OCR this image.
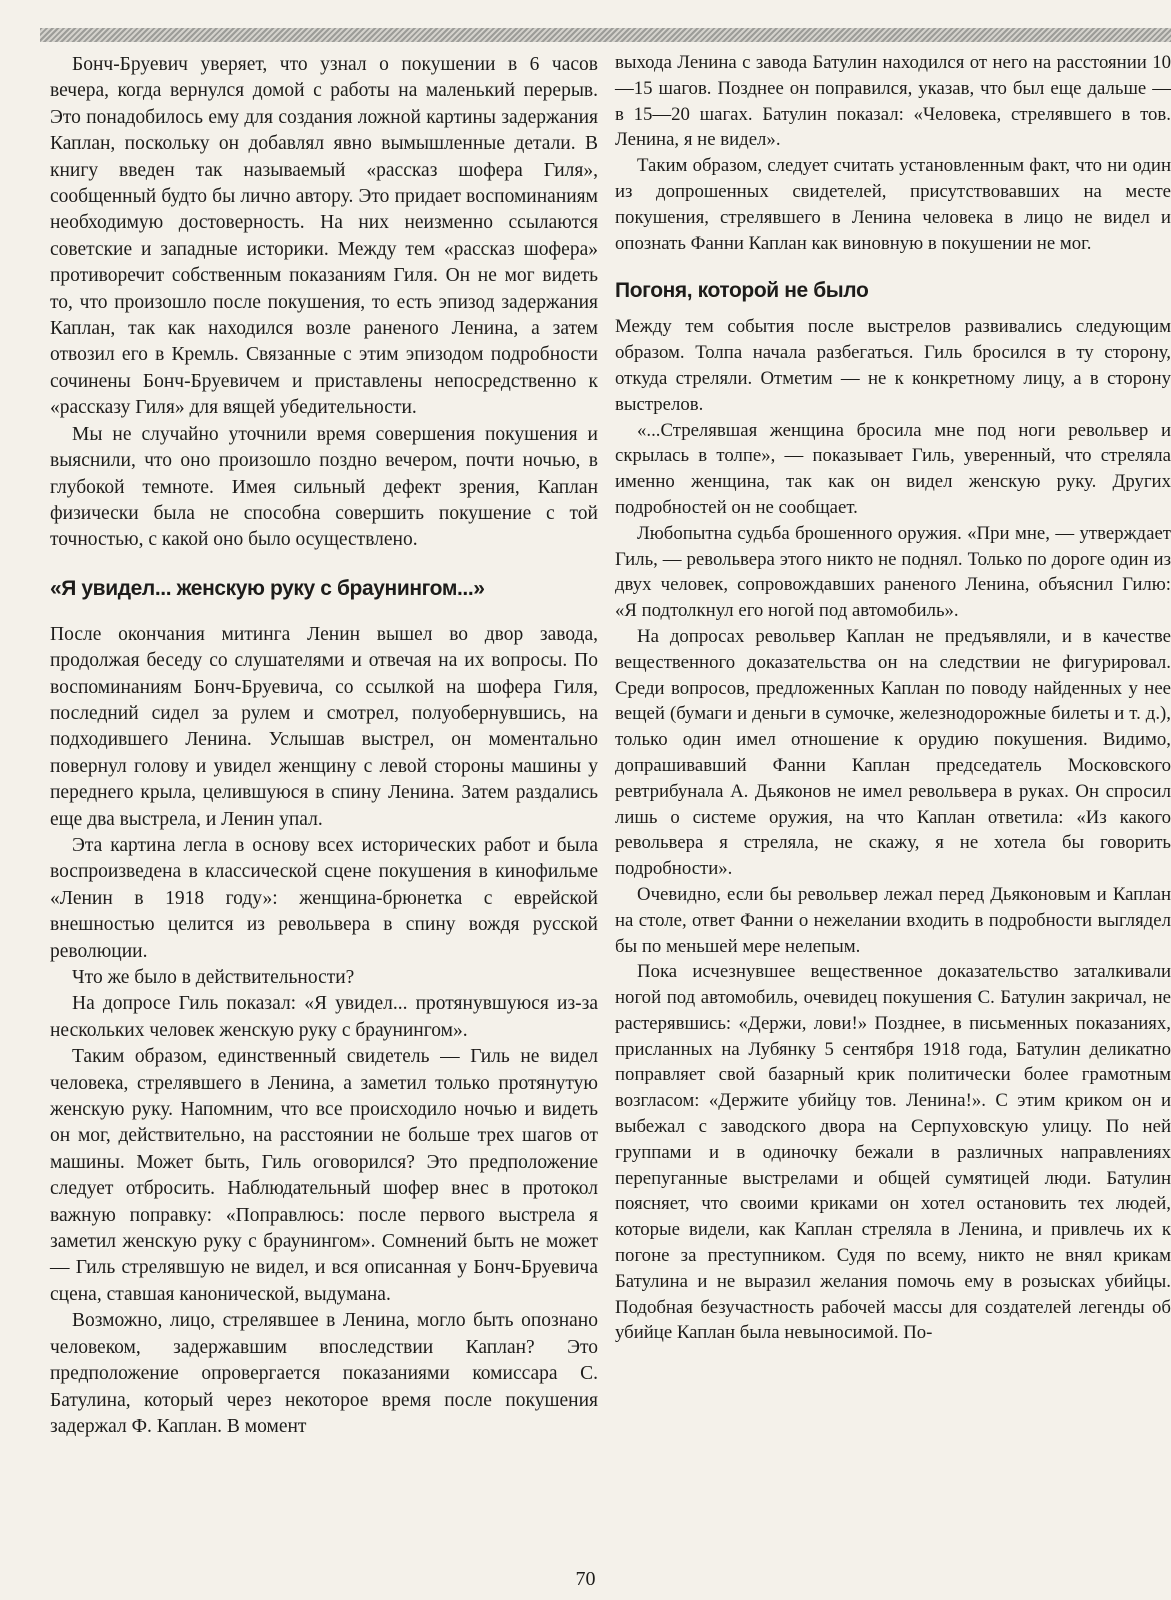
Бонч-Бруевич уверяет, что узнал о покушении в 6 часов вечера, когда вернулся домой с работы на маленький перерыв. Это понадобилось ему для создания ложной картины задержания Каплан, поскольку он добавлял явно вымышленные детали. В книгу введен так называемый «рассказ шофера Гиля», сообщенный будто бы лично автору. Это придает воспоминаниям необходимую достоверность. На них неизменно ссылаются советские и западные историки. Между тем «рассказ шофера» противоречит собственным показаниям Гиля. Он не мог видеть то, что произошло после покушения, то есть эпизод задержания Каплан, так как находился возле раненого Ленина, а затем отвозил его в Кремль. Связанные с этим эпизодом подробности сочинены Бонч-Бруевичем и приставлены непосредственно к «рассказу Гиля» для вящей убедительности.

Мы не случайно уточнили время совершения покушения и выяснили, что оно произошло поздно вечером, почти ночью, в глубокой темноте. Имея сильный дефект зрения, Каплан физически была не способна совершить покушение с той точностью, с какой оно было осуществлено.

«Я увидел... женскую руку с браунингом...»

После окончания митинга Ленин вышел во двор завода, продолжая беседу со слушателями и отвечая на их вопросы. По воспоминаниям Бонч-Бруевича, со ссылкой на шофера Гиля, последний сидел за рулем и смотрел, полуобернувшись, на подходившего Ленина. Услышав выстрел, он моментально повернул голову и увидел женщину с левой стороны машины у переднего крыла, целившуюся в спину Ленина. Затем раздались еще два выстрела, и Ленин упал.

Эта картина легла в основу всех исторических работ и была воспроизведена в классической сцене покушения в кинофильме «Ленин в 1918 году»: женщина-брюнетка с еврейской внешностью целится из револьвера в спину вождя русской революции.

Что же было в действительности?

На допросе Гиль показал: «Я увидел... протянувшуюся из-за нескольких человек женскую руку с браунингом».

Таким образом, единственный свидетель — Гиль не видел человека, стрелявшего в Ленина, а заметил только протянутую женскую руку. Напомним, что все происходило ночью и видеть он мог, действительно, на расстоянии не больше трех шагов от машины. Может быть, Гиль оговорился? Это предположение следует отбросить. Наблюдательный шофер внес в протокол важную поправку: «Поправлюсь: после первого выстрела я заметил женскую руку с браунингом». Сомнений быть не может — Гиль стрелявшую не видел, и вся описанная у Бонч-Бруевича сцена, ставшая канонической, выдумана.

Возможно, лицо, стрелявшее в Ленина, могло быть опознано человеком, задержавшим впоследствии Каплан? Это предположение опровергается показаниями комиссара С. Батулина, который через некоторое время после покушения задержал Ф. Каплан. В момент

выхода Ленина с завода Батулин находился от него на расстоянии 10—15 шагов. Позднее он поправился, указав, что был еще дальше — в 15—20 шагах. Батулин показал: «Человека, стрелявшего в тов. Ленина, я не видел».

Таким образом, следует считать установленным факт, что ни один из допрошенных свидетелей, присутствовавших на месте покушения, стрелявшего в Ленина человека в лицо не видел и опознать Фанни Каплан как виновную в покушении не мог.

Погоня, которой не было

Между тем события после выстрелов развивались следующим образом. Толпа начала разбегаться. Гиль бросился в ту сторону, откуда стреляли. Отметим — не к конкретному лицу, а в сторону выстрелов.

«...Стрелявшая женщина бросила мне под ноги револьвер и скрылась в толпе», — показывает Гиль, уверенный, что стреляла именно женщина, так как он видел женскую руку. Других подробностей он не сообщает.

Любопытна судьба брошенного оружия. «При мне, — утверждает Гиль, — револьвера этого никто не поднял. Только по дороге один из двух человек, сопровождавших раненого Ленина, объяснил Гилю: «Я подтолкнул его ногой под автомобиль».

На допросах револьвер Каплан не предъявляли, и в качестве вещественного доказательства он на следствии не фигурировал. Среди вопросов, предложенных Каплан по поводу найденных у нее вещей (бумаги и деньги в сумочке, железнодорожные билеты и т. д.), только один имел отношение к орудию покушения. Видимо, допрашивавший Фанни Каплан председатель Московского ревтрибунала А. Дьяконов не имел револьвера в руках. Он спросил лишь о системе оружия, на что Каплан ответила: «Из какого револьвера я стреляла, не скажу, я не хотела бы говорить подробности».

Очевидно, если бы револьвер лежал перед Дьяконовым и Каплан на столе, ответ Фанни о нежелании входить в подробности выглядел бы по меньшей мере нелепым.

Пока исчезнувшее вещественное доказательство заталкивали ногой под автомобиль, очевидец покушения С. Батулин закричал, не растерявшись: «Держи, лови!» Позднее, в письменных показаниях, присланных на Лубянку 5 сентября 1918 года, Батулин деликатно поправляет свой базарный крик политически более грамотным возгласом: «Держите убийцу тов. Ленина!». С этим криком он и выбежал с заводского двора на Серпуховскую улицу. По ней группами и в одиночку бежали в различных направлениях перепуганные выстрелами и общей сумятицей люди. Батулин поясняет, что своими криками он хотел остановить тех людей, которые видели, как Каплан стреляла в Ленина, и привлечь их к погоне за преступником. Судя по всему, никто не внял крикам Батулина и не выразил желания помочь ему в розысках убийцы. Подобная безучастность рабочей массы для создателей легенды об убийце Каплан была невыносимой. По-

70
